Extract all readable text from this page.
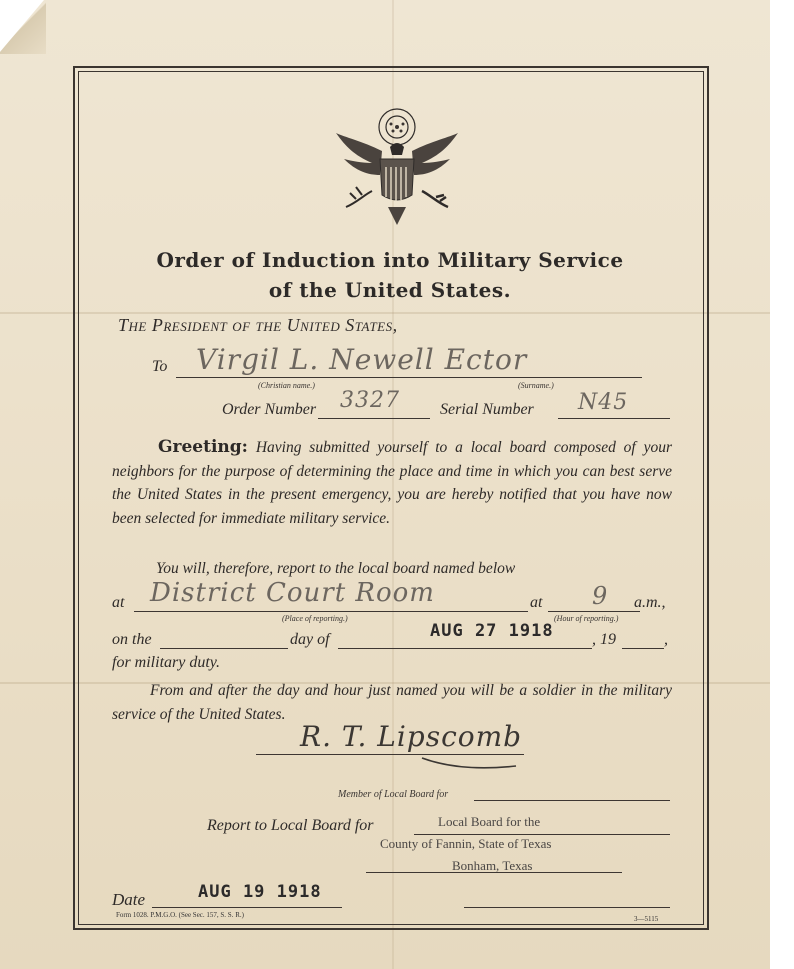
Order of Induction into Military Service
of the United States.
The President of the United States,
To Virgil L. Newell Ector
(Christian name.)	(Surname.)
Order Number 3327	Serial Number N45
Greeting: Having submitted yourself to a local board composed of your neighbors for the purpose of determining the place and time in which you can best serve the United States in the present emergency, you are hereby notified that you have now been selected for immediate military service.
You will, therefore, report to the local board named below
at District Court Room	at 9 a.m.,
(Place of reporting.)	(Hour of reporting.)
on the	day of	AUG 27 1918 , 19	,
for military duty.
From and after the day and hour just named you will be a soldier in the military service of the United States.
R. T. Lipscomb
Member of Local Board for
Report to Local Board for	Local Board for the
County of Fannin, State of Texas
Bonham, Texas
Date	AUG 19 1918
Form 1028. P.M.G.O. (See Sec. 157, S. S. R.)	3—5115
